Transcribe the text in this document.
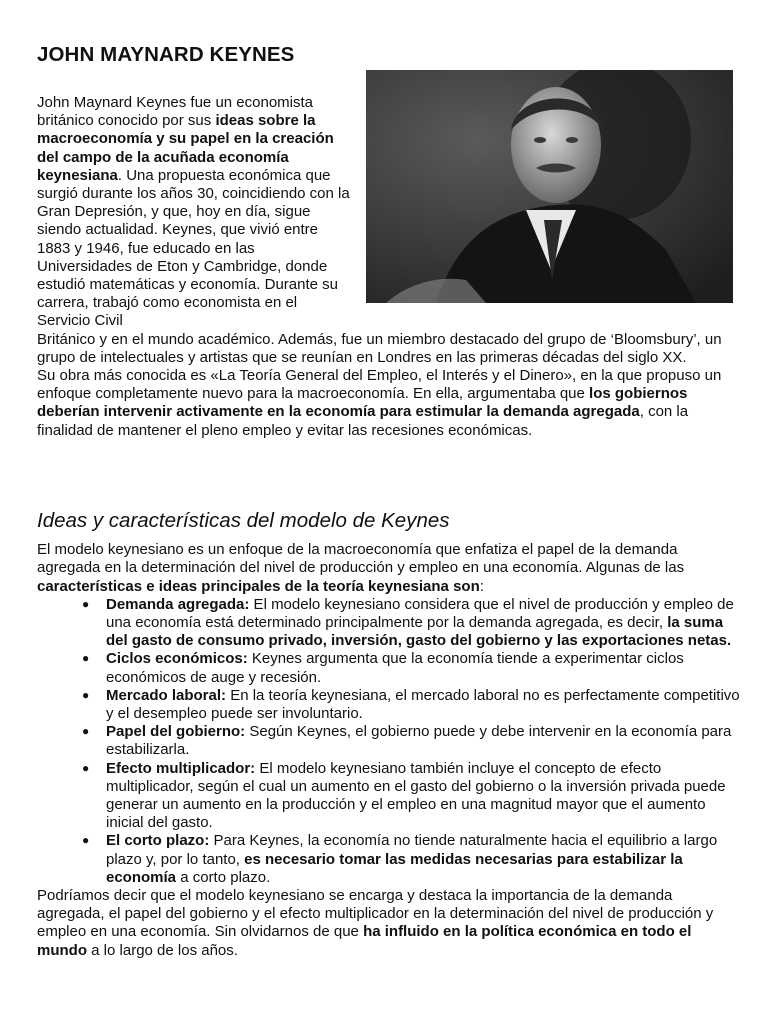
JOHN MAYNARD KEYNES

John Maynard Keynes fue un economista británico conocido por sus ideas sobre la macroeconomía y su papel en la creación del campo de la acuñada economía keynesiana. Una propuesta económica que surgió durante los años 30, coincidiendo con la Gran Depresión, y que, hoy en día, sigue siendo actualidad. Keynes, que vivió entre 1883 y 1946, fue educado en las Universidades de Eton y Cambridge, donde estudió matemáticas y economía. Durante su carrera, trabajó como economista en el Servicio Civil

Británico y en el mundo académico. Además, fue un miembro destacado del grupo de ‘Bloomsbury’, un grupo de intelectuales y artistas que se reunían en Londres en las primeras décadas del siglo XX.

Su obra más conocida es «La Teoría General del Empleo, el Interés y el Dinero», en la que propuso un enfoque completamente nuevo para la macroeconomía. En ella, argumentaba que los gobiernos deberían intervenir activamente en la economía para estimular la demanda agregada, con la finalidad de mantener el pleno empleo y evitar las recesiones económicas.

Ideas y características del modelo de Keynes

El modelo keynesiano es un enfoque de la macroeconomía que enfatiza el papel de la demanda agregada en la determinación del nivel de producción y empleo en una economía. Algunas de las características e ideas principales de la teoría keynesiana son:

● Demanda agregada: El modelo keynesiano considera que el nivel de producción y empleo de una economía está determinado principalmente por la demanda agregada, es decir, la suma del gasto de consumo privado, inversión, gasto del gobierno y las exportaciones netas.
● Ciclos económicos: Keynes argumenta que la economía tiende a experimentar ciclos económicos de auge y recesión.
● Mercado laboral: En la teoría keynesiana, el mercado laboral no es perfectamente competitivo y el desempleo puede ser involuntario.
● Papel del gobierno: Según Keynes, el gobierno puede y debe intervenir en la economía para estabilizarla.
● Efecto multiplicador: El modelo keynesiano también incluye el concepto de efecto multiplicador, según el cual un aumento en el gasto del gobierno o la inversión privada puede generar un aumento en la producción y el empleo en una magnitud mayor que el aumento inicial del gasto.
● El corto plazo: Para Keynes, la economía no tiende naturalmente hacia el equilibrio a largo plazo y, por lo tanto, es necesario tomar las medidas necesarias para estabilizar la economía a corto plazo.

Podríamos decir que el modelo keynesiano se encarga y destaca la importancia de la demanda agregada, el papel del gobierno y el efecto multiplicador en la determinación del nivel de producción y empleo en una economía. Sin olvidarnos de que ha influido en la política económica en todo el mundo a lo largo de los años.
